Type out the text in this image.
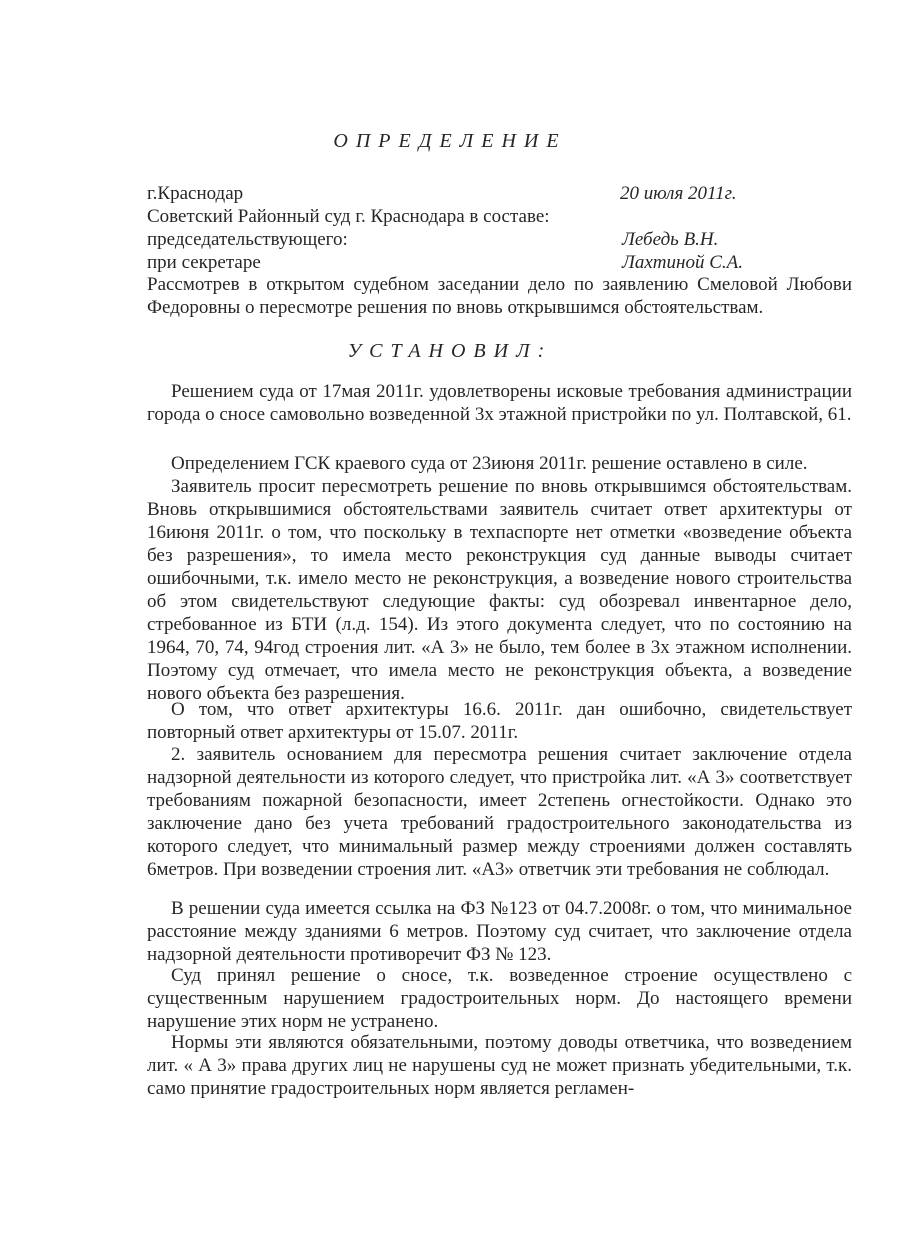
ОПРЕДЕЛЕНИЕ
г.Краснодар	20 июля 2011г.
Советский Районный суд г. Краснодара в составе:
председательствующего:	Лебедь В.Н.
при секретаре	Лахтиной С.А.

Рассмотрев в открытом судебном заседании дело по заявлению Смеловой Любови Федоровны о пересмотре решения по вновь открывшимся обстоятельствам.

УСТАНОВИЛ:

Решением суда от 17мая 2011г. удовлетворены исковые требования администрации города о сносе самовольно возведенной 3х этажной пристройки по ул. Полтавской, 61.

Определением ГСК краевого суда от 23июня 2011г. решение оставлено в силе.

Заявитель просит пересмотреть решение по вновь открывшимся обстоятельствам. Вновь открывшимися обстоятельствами заявитель считает ответ архитектуры от 16июня 2011г. о том, что поскольку в техпаспорте нет отметки «возведение объекта без разрешения», то имела место реконструкция суд данные выводы считает ошибочными, т.к. имело место не реконструкция, а возведение нового строительства об этом свидетельствуют следующие факты: суд обозревал инвентарное дело, стребованное из БТИ (л.д. 154). Из этого документа следует, что по состоянию на 1964, 70, 74, 94год строения лит. «А 3» не было, тем более в 3х этажном исполнении. Поэтому суд отмечает, что имела место не реконструкция объекта, а возведение нового объекта без разрешения.

О том, что ответ архитектуры 16.6. 2011г. дан ошибочно, свидетельствует повторный ответ архитектуры от 15.07. 2011г.

2. заявитель основанием для пересмотра решения считает заключение отдела надзорной деятельности из которого следует, что пристройка лит. «А 3» соответствует требованиям пожарной безопасности, имеет 2степень огнестойкости. Однако это заключение дано без учета требований градостроительного законодательства из которого следует, что минимальный размер между строениями должен составлять 6метров. При возведении строения лит. «А3» ответчик эти требования не соблюдал.

В решении суда имеется ссылка на ФЗ №123 от 04.7.2008г. о том, что минимальное расстояние между зданиями 6 метров. Поэтому суд считает, что заключение отдела надзорной деятельности противоречит ФЗ № 123.

Суд принял решение о сносе, т.к. возведенное строение осуществлено с существенным нарушением градостроительных норм. До настоящего времени нарушение этих норм не устранено.

Нормы эти являются обязательными, поэтому доводы ответчика, что возведением лит. « А 3» права других лиц не нарушены суд не может признать убедительными, т.к. само принятие градостроительных норм является регламен-
